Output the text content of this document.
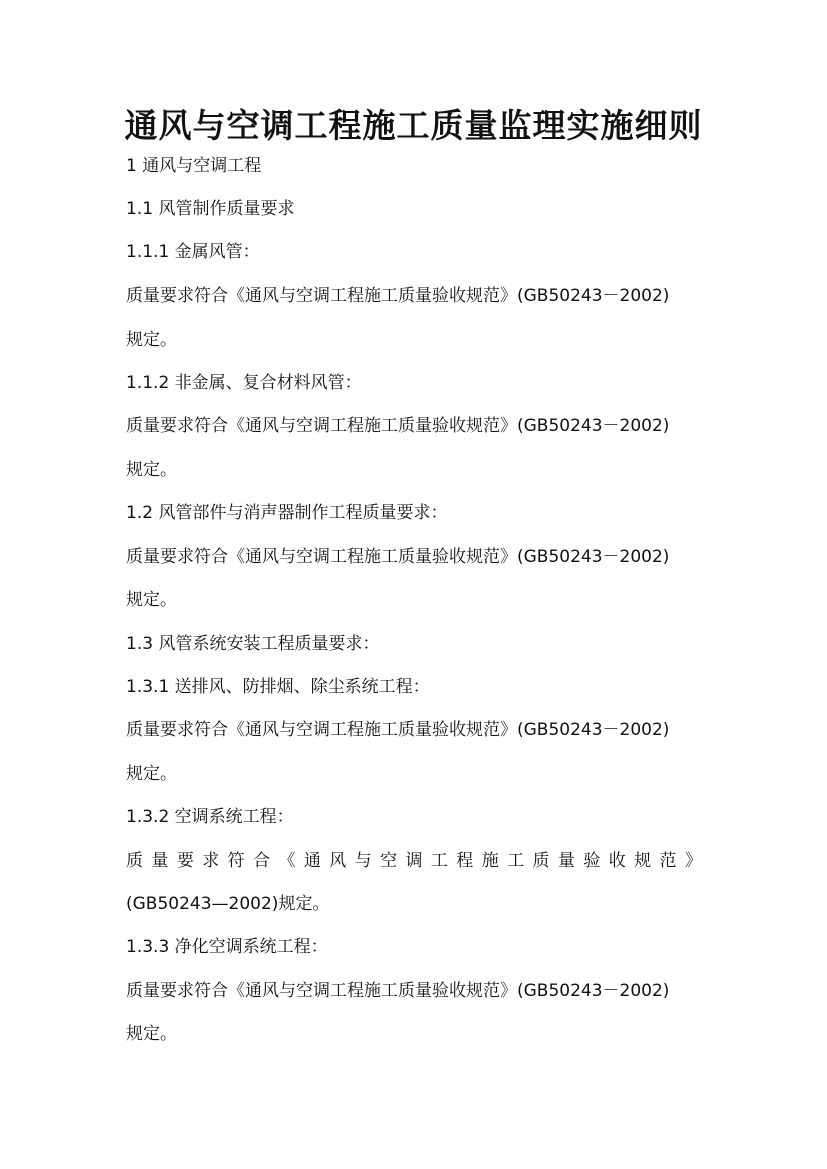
通风与空调工程施工质量监理实施细则
1 通风与空调工程
1.1 风管制作质量要求
1.1.1 金属风管：
质量要求符合《通风与空调工程施工质量验收规范》(GB50243－2002)
规定。
1.1.2 非金属、复合材料风管：
质量要求符合《通风与空调工程施工质量验收规范》(GB50243－2002)
规定。
1.2 风管部件与消声器制作工程质量要求：
质量要求符合《通风与空调工程施工质量验收规范》(GB50243－2002)
规定。
1.3 风管系统安装工程质量要求：
1.3.1 送排风、防排烟、除尘系统工程：
质量要求符合《通风与空调工程施工质量验收规范》(GB50243－2002)
规定。
1.3.2 空调系统工程：
质 量 要 求 符 合 《 通 风 与 空 调 工 程 施 工 质 量 验 收 规 范 》
(GB50243—2002)规定。
1.3.3 净化空调系统工程：
质量要求符合《通风与空调工程施工质量验收规范》(GB50243－2002)
规定。
